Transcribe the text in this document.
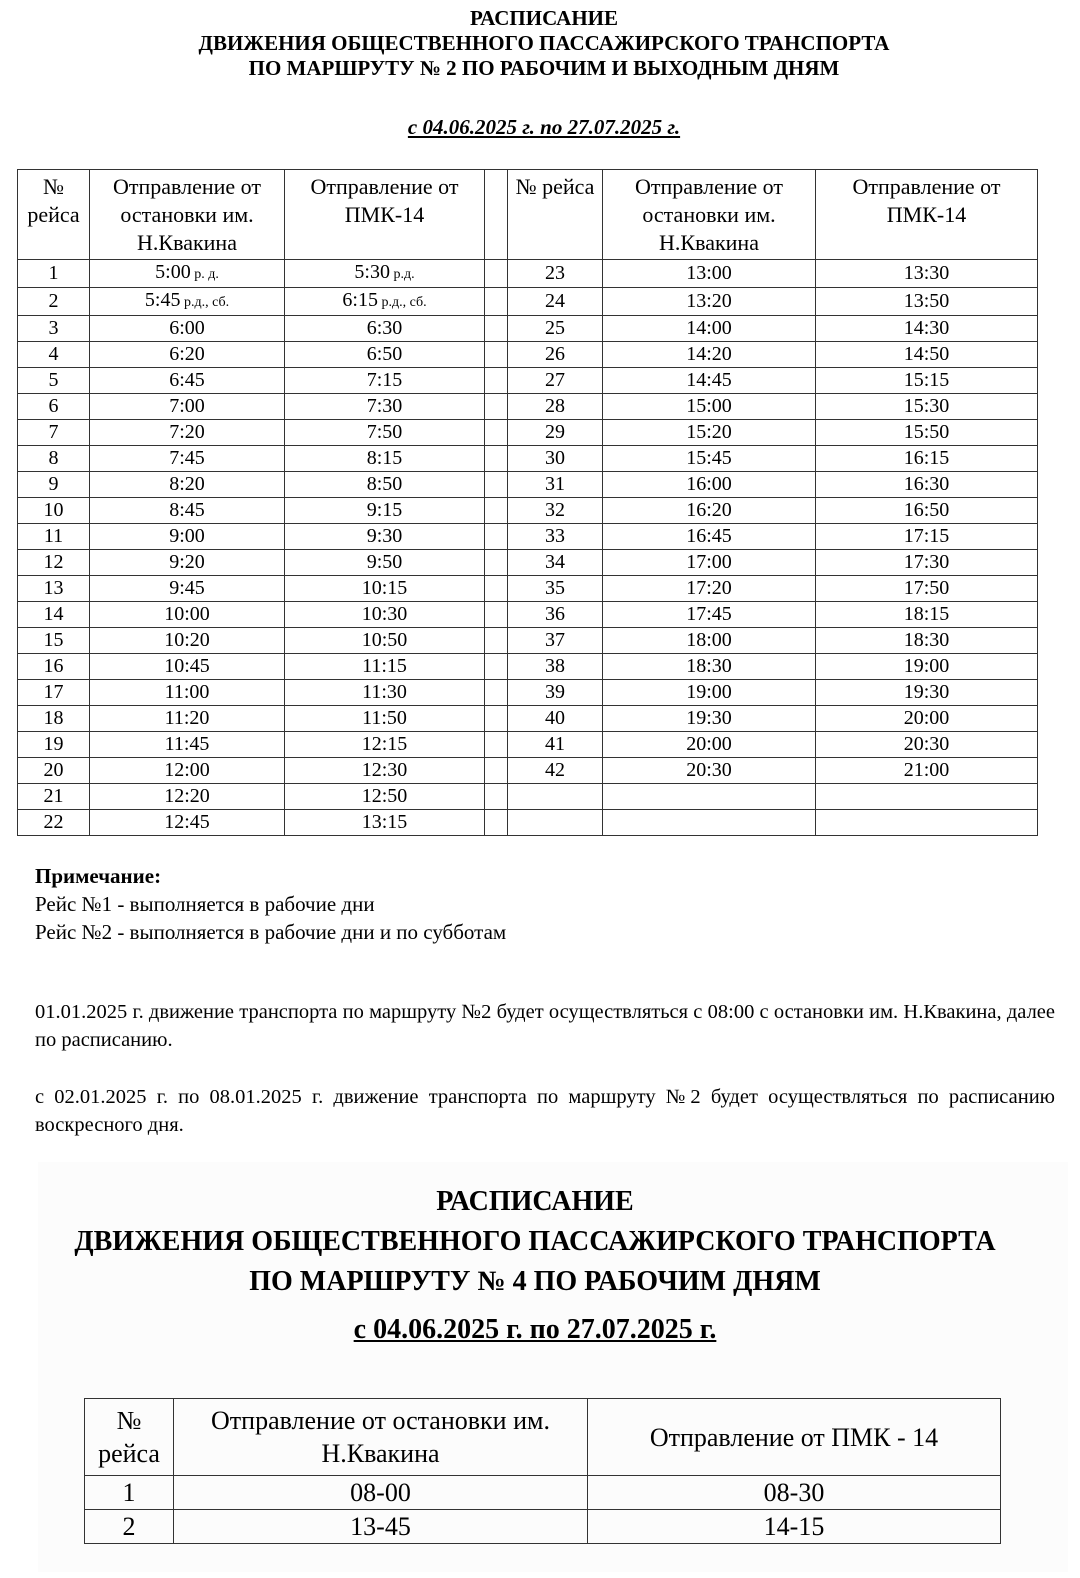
РАСПИСАНИЕ
ДВИЖЕНИЯ ОБЩЕСТВЕННОГО ПАССАЖИРСКОГО ТРАНСПОРТА
ПО МАРШРУТУ № 2 ПО РАБОЧИМ И ВЫХОДНЫМ ДНЯМ
с 04.06.2025 г. по 27.07.2025 г.
№ рейса	Отправление от остановки им. Н.Квакина	Отправление от ПМК-14		№ рейса	Отправление от остановки им. Н.Квакина	Отправление от ПМК-14
1	5:00 р. д.	5:30 р.д.		23	13:00	13:30
2	5:45 р.д., сб.	6:15 р.д., сб.		24	13:20	13:50
3	6:00	6:30		25	14:00	14:30
4	6:20	6:50		26	14:20	14:50
5	6:45	7:15		27	14:45	15:15
6	7:00	7:30		28	15:00	15:30
7	7:20	7:50		29	15:20	15:50
8	7:45	8:15		30	15:45	16:15
9	8:20	8:50		31	16:00	16:30
10	8:45	9:15		32	16:20	16:50
11	9:00	9:30		33	16:45	17:15
12	9:20	9:50		34	17:00	17:30
13	9:45	10:15		35	17:20	17:50
14	10:00	10:30		36	17:45	18:15
15	10:20	10:50		37	18:00	18:30
16	10:45	11:15		38	18:30	19:00
17	11:00	11:30		39	19:00	19:30
18	11:20	11:50		40	19:30	20:00
19	11:45	12:15		41	20:00	20:30
20	12:00	12:30		42	20:30	21:00
21	12:20	12:50				
22	12:45	13:15				
Примечание:
Рейс №1 - выполняется в рабочие дни
Рейс №2 - выполняется в рабочие дни и по субботам
01.01.2025 г. движение транспорта по маршруту №2 будет осуществляться с 08:00 с остановки им. Н.Квакина, далее по расписанию.
с 02.01.2025 г. по 08.01.2025 г. движение транспорта по маршруту №2 будет осуществляться по расписанию воскресного дня.
РАСПИСАНИЕ
ДВИЖЕНИЯ ОБЩЕСТВЕННОГО ПАССАЖИРСКОГО ТРАНСПОРТА
ПО МАРШРУТУ № 4 ПО РАБОЧИМ ДНЯМ
с 04.06.2025 г. по 27.07.2025 г.
№ рейса	Отправление от остановки им. Н.Квакина	Отправление от ПМК - 14
1	08-00	08-30
2	13-45	14-15
